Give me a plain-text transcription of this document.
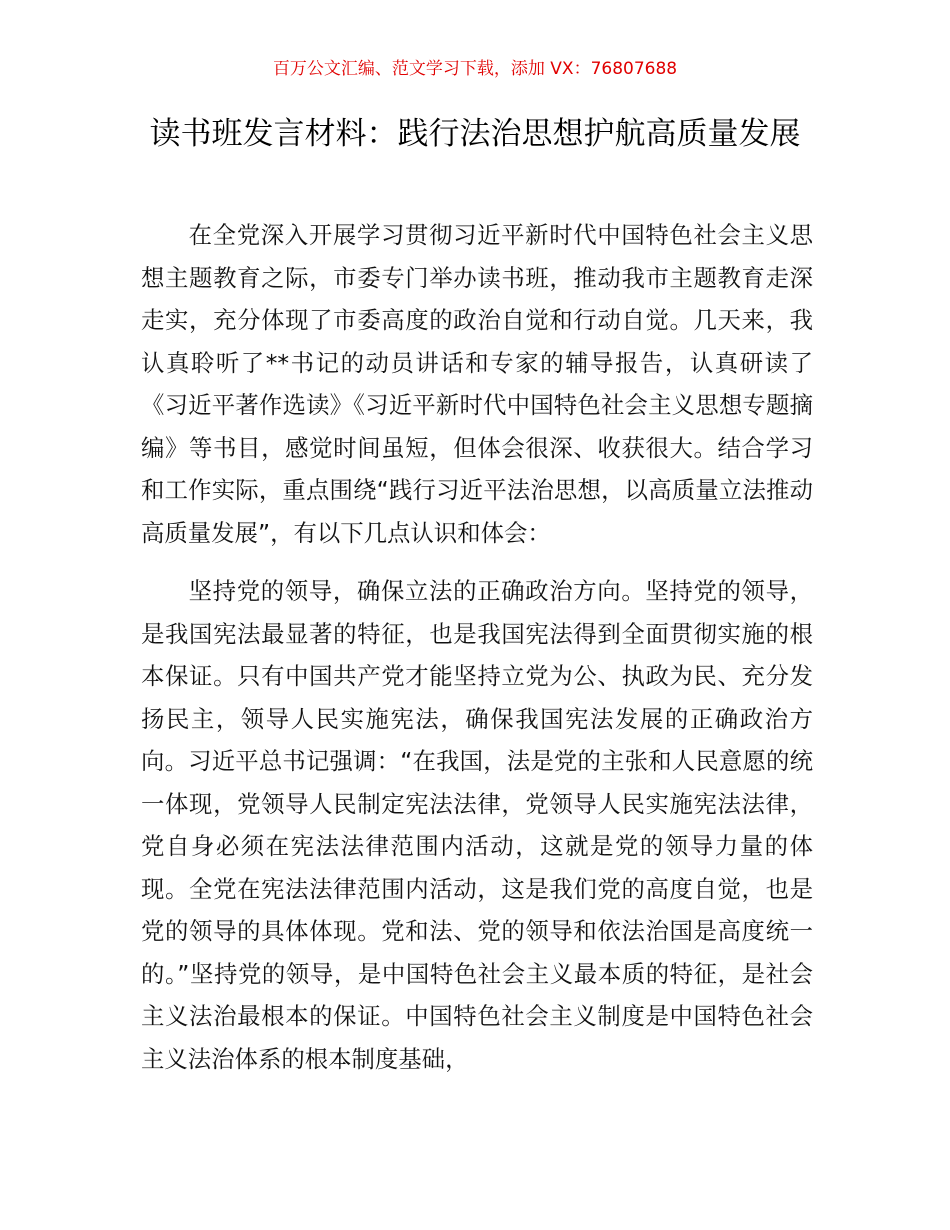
百万公文汇编、范文学习下载，添加 VX：76807688
读书班发言材料：践行法治思想护航高质量发展

在全党深入开展学习贯彻习近平新时代中国特色社会主义思想主题教育之际，市委专门举办读书班，推动我市主题教育走深走实，充分体现了市委高度的政治自觉和行动自觉。几天来，我认真聆听了**书记的动员讲话和专家的辅导报告，认真研读了《习近平著作选读》《习近平新时代中国特色社会主义思想专题摘编》等书目，感觉时间虽短，但体会很深、收获很大。结合学习和工作实际，重点围绕“践行习近平法治思想，以高质量立法推动高质量发展”，有以下几点认识和体会：

坚持党的领导，确保立法的正确政治方向。坚持党的领导，是我国宪法最显著的特征，也是我国宪法得到全面贯彻实施的根本保证。只有中国共产党才能坚持立党为公、执政为民、充分发扬民主，领导人民实施宪法，确保我国宪法发展的正确政治方向。习近平总书记强调：“在我国，法是党的主张和人民意愿的统一体现，党领导人民制定宪法法律，党领导人民实施宪法法律，党自身必须在宪法法律范围内活动，这就是党的领导力量的体现。全党在宪法法律范围内活动，这是我们党的高度自觉，也是党的领导的具体体现。党和法、党的领导和依法治国是高度统一的。”坚持党的领导，是中国特色社会主义最本质的特征，是社会主义法治最根本的保证。中国特色社会主义制度是中国特色社会主义法治体系的根本制度基础，
